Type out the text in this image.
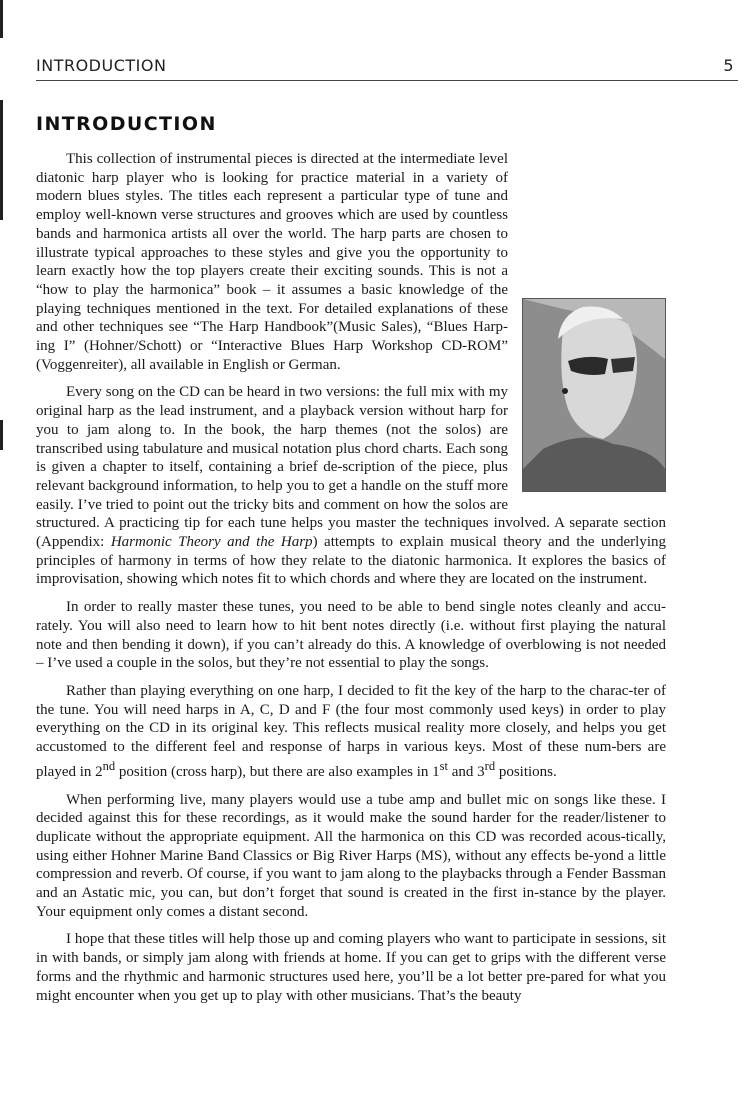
INTRODUCTION	5
INTRODUCTION

This collection of instrumental pieces is directed at the intermediate level diatonic harp player who is looking for practice material in a variety of modern blues styles. The titles each represent a particular type of tune and employ well-known verse structures and grooves which are used by countless bands and harmonica artists all over the world. The harp parts are chosen to illustrate typical approaches to these styles and give you the opportunity to learn exactly how the top players create their exciting sounds. This is not a “how to play the harmonica” book – it assumes a basic knowledge of the playing techniques mentioned in the text. For detailed explanations of these and other techniques see “The Harp Handbook”(Music Sales), “Blues Harp-ing I” (Hohner/Schott) or “Interactive Blues Harp Workshop CD-ROM” (Voggenreiter), all available in English or German.

Every song on the CD can be heard in two versions: the full mix with my original harp as the lead instrument, and a playback version without harp for you to jam along to. In the book, the harp themes (not the solos) are transcribed using tabulature and musical notation plus chord charts. Each song is given a chapter to itself, containing a brief de-scription of the piece, plus relevant background information, to help you to get a handle on the stuff more easily. I’ve tried to point out the tricky bits and comment on how the solos are structured. A practicing tip for each tune helps you master the techniques involved. A separate section (Appendix: Harmonic Theory and the Harp) attempts to explain musical theory and the underlying principles of harmony in terms of how they relate to the diatonic harmonica. It explores the basics of improvisation, showing which notes fit to which chords and where they are located on the instrument.

In order to really master these tunes, you need to be able to bend single notes cleanly and accu-rately. You will also need to learn how to hit bent notes directly (i.e. without first playing the natural note and then bending it down), if you can’t already do this. A knowledge of overblowing is not needed – I’ve used a couple in the solos, but they’re not essential to play the songs.

Rather than playing everything on one harp, I decided to fit the key of the harp to the charac-ter of the tune. You will need harps in A, C, D and F (the four most commonly used keys) in order to play everything on the CD in its original key. This reflects musical reality more closely, and helps you get accustomed to the different feel and response of harps in various keys. Most of these num-bers are played in 2nd position (cross harp), but there are also examples in 1st and 3rd positions.

When performing live, many players would use a tube amp and bullet mic on songs like these. I decided against this for these recordings, as it would make the sound harder for the reader/listener to duplicate without the appropriate equipment. All the harmonica on this CD was recorded acous-tically, using either Hohner Marine Band Classics or Big River Harps (MS), without any effects be-yond a little compression and reverb. Of course, if you want to jam along to the playbacks through a Fender Bassman and an Astatic mic, you can, but don’t forget that sound is created in the first in-stance by the player. Your equipment only comes a distant second.

I hope that these titles will help those up and coming players who want to participate in sessions, sit in with bands, or simply jam along with friends at home. If you can get to grips with the different verse forms and the rhythmic and harmonic structures used here, you’ll be a lot better pre-pared for what you might encounter when you get up to play with other musicians. That’s the beauty
